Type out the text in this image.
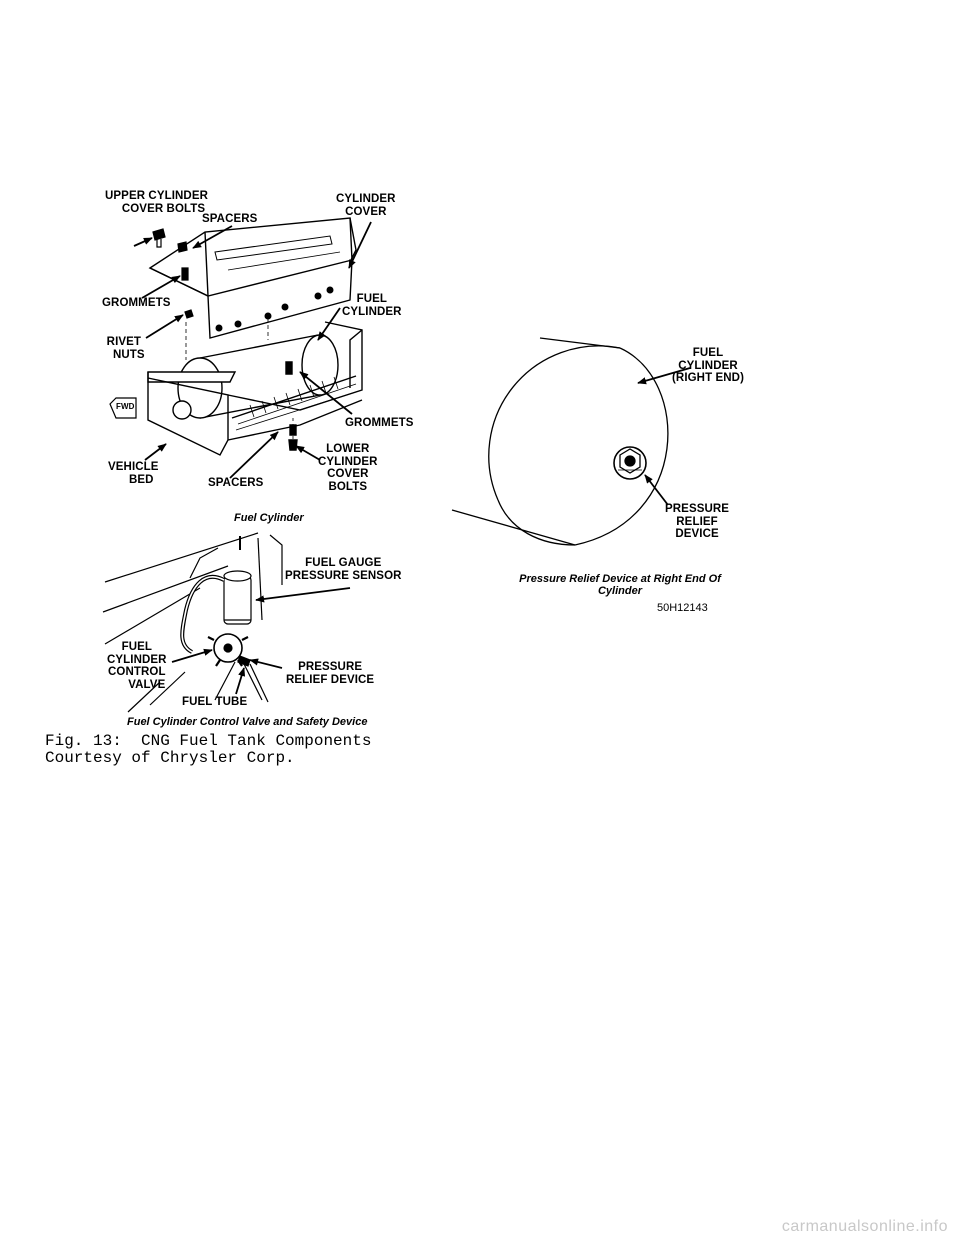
UPPER CYLINDER
COVER BOLTS
SPACERS
CYLINDER
COVER
GROMMETS	FUEL
CYLINDER
RIVET
NUTS
GROMMETS
LOWER
CYLINDER
COVER
BOLTS
VEHICLE
BED	SPACERS
FWD
Fuel Cylinder
FUEL GAUGE
PRESSURE SENSOR
FUEL
CYLINDER
CONTROL
VALVE
PRESSURE
RELIEF DEVICE
FUEL TUBE
Fuel Cylinder Control Valve and Safety Device
FUEL
CYLINDER
(RIGHT END)
PRESSURE
RELIEF
DEVICE
Pressure Relief Device at Right End Of
Cylinder
50H12143
Fig. 13:  CNG Fuel Tank Components
Courtesy of Chrysler Corp.
carmanualsonline.info
